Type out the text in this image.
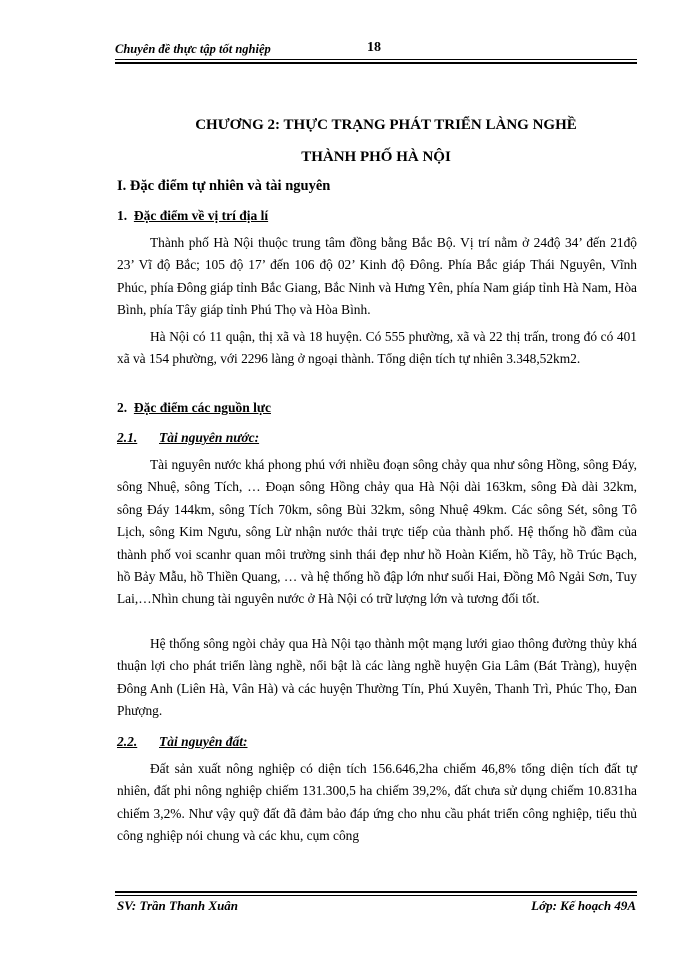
Chuyên đề thực tập tốt nghiệp	18
CHƯƠNG 2: THỰC TRẠNG PHÁT TRIỂN LÀNG NGHỀ
THÀNH PHỐ HÀ NỘI
I. Đặc điểm tự nhiên và tài nguyên
1. Đặc điểm về vị trí địa lí

Thành phố Hà Nội thuộc trung tâm đồng bằng Bắc Bộ. Vị trí nằm ở 24độ 34’ đến 21độ 23’ Vĩ độ Bắc; 105 độ 17’ đến 106 độ 02’ Kinh độ Đông. Phía Bắc giáp Thái Nguyên, Vĩnh Phúc, phía Đông giáp tỉnh Bắc Giang, Bắc Ninh và Hưng Yên, phía Nam giáp tỉnh Hà Nam, Hòa Bình, phía Tây giáp tỉnh Phú Thọ và Hòa Bình.

Hà Nội có 11 quận, thị xã và 18 huyện. Có 555 phường, xã và 22 thị trấn, trong đó có 401 xã và 154 phường, với 2296 làng ở ngoại thành. Tổng diện tích tự nhiên 3.348,52km2.

2. Đặc điểm các nguồn lực
2.1. Tài nguyên nước:

Tài nguyên nước khá phong phú với nhiều đoạn sông chảy qua như sông Hồng, sông Đáy, sông Nhuệ, sông Tích, … Đoạn sông Hồng chảy qua Hà Nội dài 163km, sông Đà dài 32km, sông Đáy 144km, sông Tích 70km, sông Bùi 32km, sông Nhuệ 49km. Các sông Sét, sông Tô Lịch, sông Kim Ngưu, sông Lừ nhận nước thải trực tiếp của thành phố. Hệ thống hồ đầm của thành phố voi scanhr quan môi trường sinh thái đẹp như hồ Hoàn Kiếm, hồ Tây, hồ Trúc Bạch, hồ Bảy Mẫu, hồ Thiền Quang, … và hệ thống hồ đập lớn như suối Hai, Đồng Mô Ngải Sơn, Tuy Lai,…Nhìn chung tài nguyên nước ở Hà Nội có trữ lượng lớn và tương đối tốt.

Hệ thống sông ngòi chảy qua Hà Nội tạo thành một mạng lưới giao thông đường thủy khá thuận lợi cho phát triển làng nghề, nổi bật là các làng nghề huyện Gia Lâm (Bát Tràng), huyện Đông Anh (Liên Hà, Vân Hà) và các huyện Thường Tín, Phú Xuyên, Thanh Trì, Phúc Thọ, Đan Phượng.

2.2. Tài nguyên đất:

Đất sản xuất nông nghiệp có diện tích 156.646,2ha chiếm 46,8% tổng diện tích đất tự nhiên, đất phi nông nghiệp chiếm 131.300,5 ha chiếm 39,2%, đất chưa sử dụng chiếm 10.831ha chiếm 3,2%. Như vậy quỹ đất đã đảm bảo đáp ứng cho nhu cầu phát triển công nghiệp, tiểu thủ công nghiệp nói chung và các khu, cụm công

SV: Trần Thanh Xuân	Lớp: Kế hoạch 49A
